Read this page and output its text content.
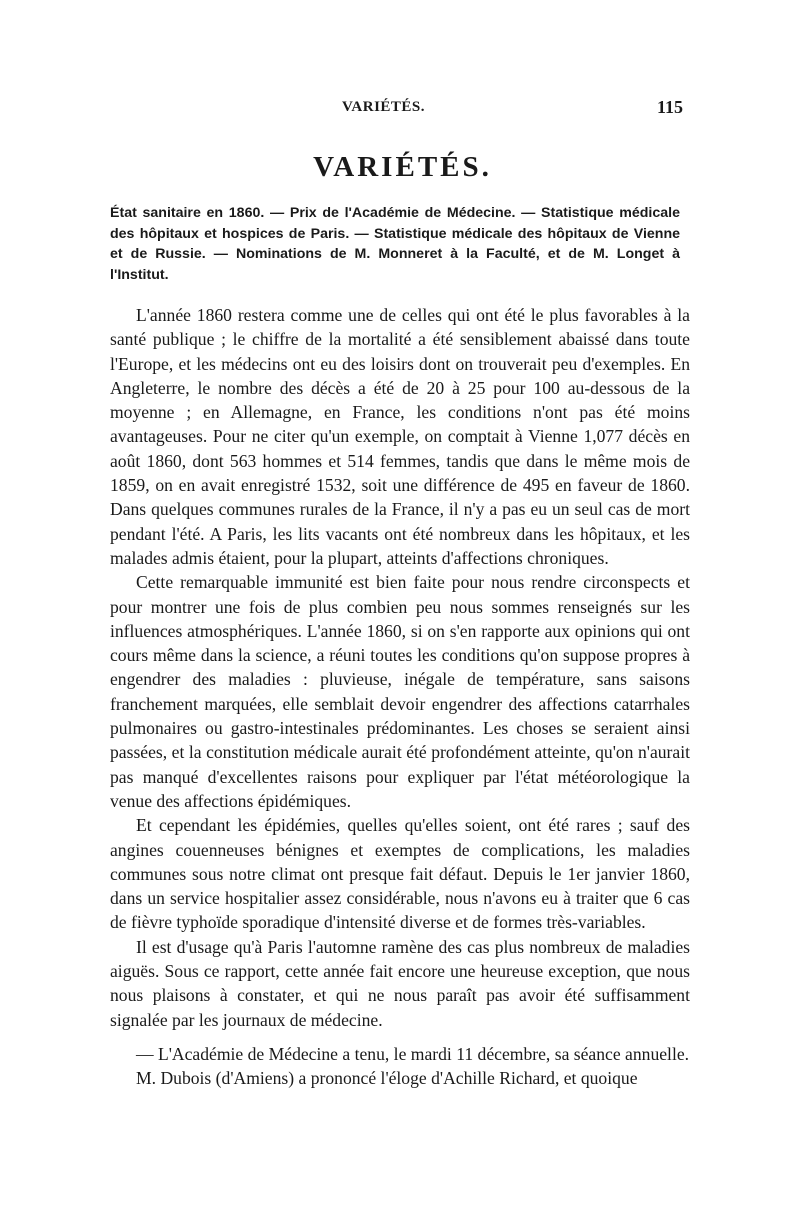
VARIÉTÉS.	115
VARIÉTÉS.
État sanitaire en 1860. — Prix de l'Académie de Médecine. — Statistique médicale des hôpitaux et hospices de Paris. — Statistique médicale des hôpitaux de Vienne et de Russie. — Nominations de M. Monneret à la Faculté, et de M. Longet à l'Institut.

L'année 1860 restera comme une de celles qui ont été le plus favorables à la santé publique ; le chiffre de la mortalité a été sensiblement abaissé dans toute l'Europe, et les médecins ont eu des loisirs dont on trouverait peu d'exemples. En Angleterre, le nombre des décès a été de 20 à 25 pour 100 au-dessous de la moyenne ; en Allemagne, en France, les conditions n'ont pas été moins avantageuses. Pour ne citer qu'un exemple, on comptait à Vienne 1,077 décès en août 1860, dont 563 hommes et 514 femmes, tandis que dans le même mois de 1859, on en avait enregistré 1532, soit une différence de 495 en faveur de 1860. Dans quelques communes rurales de la France, il n'y a pas eu un seul cas de mort pendant l'été. A Paris, les lits vacants ont été nombreux dans les hôpitaux, et les malades admis étaient, pour la plupart, atteints d'affections chroniques.

Cette remarquable immunité est bien faite pour nous rendre circonspects et pour montrer une fois de plus combien peu nous sommes renseignés sur les influences atmosphériques. L'année 1860, si on s'en rapporte aux opinions qui ont cours même dans la science, a réuni toutes les conditions qu'on suppose propres à engendrer des maladies : pluvieuse, inégale de température, sans saisons franchement marquées, elle semblait devoir engendrer des affections catarrhales pulmonaires ou gastro-intestinales prédominantes. Les choses se seraient ainsi passées, et la constitution médicale aurait été profondément atteinte, qu'on n'aurait pas manqué d'excellentes raisons pour expliquer par l'état météorologique la venue des affections épidémiques.

Et cependant les épidémies, quelles qu'elles soient, ont été rares ; sauf des angines couenneuses bénignes et exemptes de complications, les maladies communes sous notre climat ont presque fait défaut. Depuis le 1er janvier 1860, dans un service hospitalier assez considérable, nous n'avons eu à traiter que 6 cas de fièvre typhoïde sporadique d'intensité diverse et de formes très-variables.

Il est d'usage qu'à Paris l'automne ramène des cas plus nombreux de maladies aiguës. Sous ce rapport, cette année fait encore une heureuse exception, que nous nous plaisons à constater, et qui ne nous paraît pas avoir été suffisamment signalée par les journaux de médecine.

— L'Académie de Médecine a tenu, le mardi 11 décembre, sa séance annuelle.

M. Dubois (d'Amiens) a prononcé l'éloge d'Achille Richard, et quoique
